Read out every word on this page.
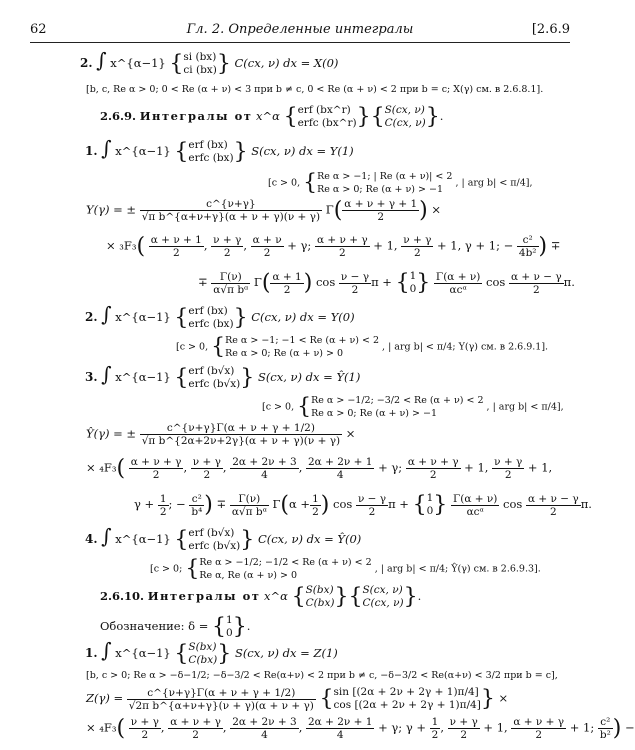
62	Гл. 2. Определенные интегралы	[2.6.9
2. ∫ x^{α−1} {si (bx)
ci (bx)} C(cx, ν) dx = X(0)
[b, c, Re α > 0; 0 < Re (α + ν) < 3 при b ≠ c, 0 < Re (α + ν) < 2 при b = c; X(γ) см. в 2.6.8.1].
2.6.9. Интегралы от x^α {erf (bx^r)
erfc (bx^r)}{S(cx, ν)
C(cx, ν)}.
1. ∫ x^{α−1} {erf (bx)
erfc (bx)} S(cx, ν) dx = Y(1)
[c > 0, {Re α > −1; | Re (α + ν)| < 2
Re α > 0; Re (α + ν) > −1 , | arg b| < π/4],
Y(γ) = ± $\frac{c\^{}\{\nu+\gamma\}}{\text{√π b\textasciicircum{}\{α+ν+γ\}(α + ν + γ)(ν + γ)}} \Gamma( \frac{\alpha + \nu + \gamma + 1}{2}$ ) ×
× $_3F_3( \frac{\alpha + \nu + 1}{2}$ , $\frac{\nu + \gamma}{2}$ , $\frac{\alpha + \nu}{2} + \gamma$; $\frac{\alpha + \nu + \gamma}{2} + 1$, $\frac{\nu + \gamma}{2} + 1$, γ + 1; − $\frac{\text{c²}}{\text{4b²}}$ ) ∓
∓ $\frac{\Gamma(\nu)}{\text{α√π bᵅ}} \Gamma( \frac{\alpha + 1}{2}$ ) $\cos \frac{\nu - \gamma}{2}$ π + {1
$0\} \frac{\Gamma(\alpha + \nu)}{\text{αcᵅ}}$ $\cos \frac{\alpha + \nu - \gamma}{2} \pi$.
2. ∫ x^{α−1} {erf (bx)
erfc (bx)} C(cx, ν) dx = Y(0)
[c > 0, {Re α > −1; −1 < Re (α + ν) < 2
Re α > 0; Re (α + ν) > 0 , | arg b| < π/4; Y(γ) см. в 2.6.9.1].
3. ∫ x^{α−1} {erf (b√x)
erfc (b√x)} S(cx, ν) dx = Ŷ(1)
[c > 0, {Re α > −1/2; −3/2 < Re (α + ν) < 2
Re α > 0; Re (α + ν) > −1 , | arg b| < π/4],
Ŷ(γ) = ± $\frac{c\^{}\{\nu+\gamma\}\Gamma(\alpha + \nu + \gamma + 1/2)}{\text{√π b\textasciicircum{}\{2α+2ν+2γ\}(α + ν + γ)(ν + γ)}}$ ×
× $_4F_3( \frac{\alpha + \nu + \gamma}{2}$ , $\frac{\nu + \gamma}{2}$ , $\frac{2\alpha + 2\nu + 3}{4}$ , $\frac{2\alpha + 2\nu + 1}{4} + \gamma$; $\frac{\alpha + \nu + \gamma}{2} + 1$, $\frac{\nu + \gamma}{2} + 1$,
$\gamma + \frac{1}{2}$ ; − $\frac{\text{c²}}{\text{b⁴}}$ ) ∓ $\frac{\Gamma(\nu)}{\text{α√π bᵅ}} \Gamma(\alpha + \frac{1}{2}$ ) $\cos \frac{\nu - \gamma}{2}$ π + {1
$0\} \frac{\Gamma(\alpha + \nu)}{\text{αcᵅ}}$ $\cos \frac{\alpha + \nu - \gamma}{2} \pi$.
4. ∫ x^{α−1} {erf (b√x)
erfc (b√x)} C(cx, ν) dx = Ŷ(0)
[c > 0; {Re α > −1/2; −1/2 < Re (α + ν) < 2
Re α, Re (α + ν) > 0 , | arg b| < π/4; Ŷ(γ) см. в 2.6.9.3].
2.6.10. Интегралы от x^α {S(bx)
C(bx)}{S(cx, ν)
C(cx, ν)}.
Обозначение: δ = {1
0}.
1. ∫ x^{α−1} {S(bx)
C(bx)} S(cx, ν) dx = Z(1)
[b, c > 0; Re α > −δ−1/2; −δ−3/2 < Re(α+ν) < 2 при b ≠ c, −δ−3/2 < Re(α+ν) < 3/2 при b = c],
$Z(\gamma) = \frac{c\^{}\{\nu+\gamma\}\Gamma(\alpha + \nu + \gamma + 1/2)}{\text{√2π b\textasciicircum{}\{α+ν+γ\}(ν + γ)(α + ν + γ)}} \{\sin$ [(2α + 2ν + 2γ + 1)π/4]
cos [(2α + 2ν + 2γ + 1)π/4]} ×
× $_4F_3( \frac{\nu + \gamma}{2}$ , $\frac{\alpha + \nu + \gamma}{2}$ , $\frac{2\alpha + 2\nu + 3}{4}$ , $\frac{2\alpha + 2\nu + 1}{4} + \gamma$; $\gamma + \frac{1}{2}$ , $\frac{\nu + \gamma}{2} + 1$, $\frac{\alpha + \nu + \gamma}{2} + 1$; $\frac{\text{c²}}{\text{b²}}$ ) −
